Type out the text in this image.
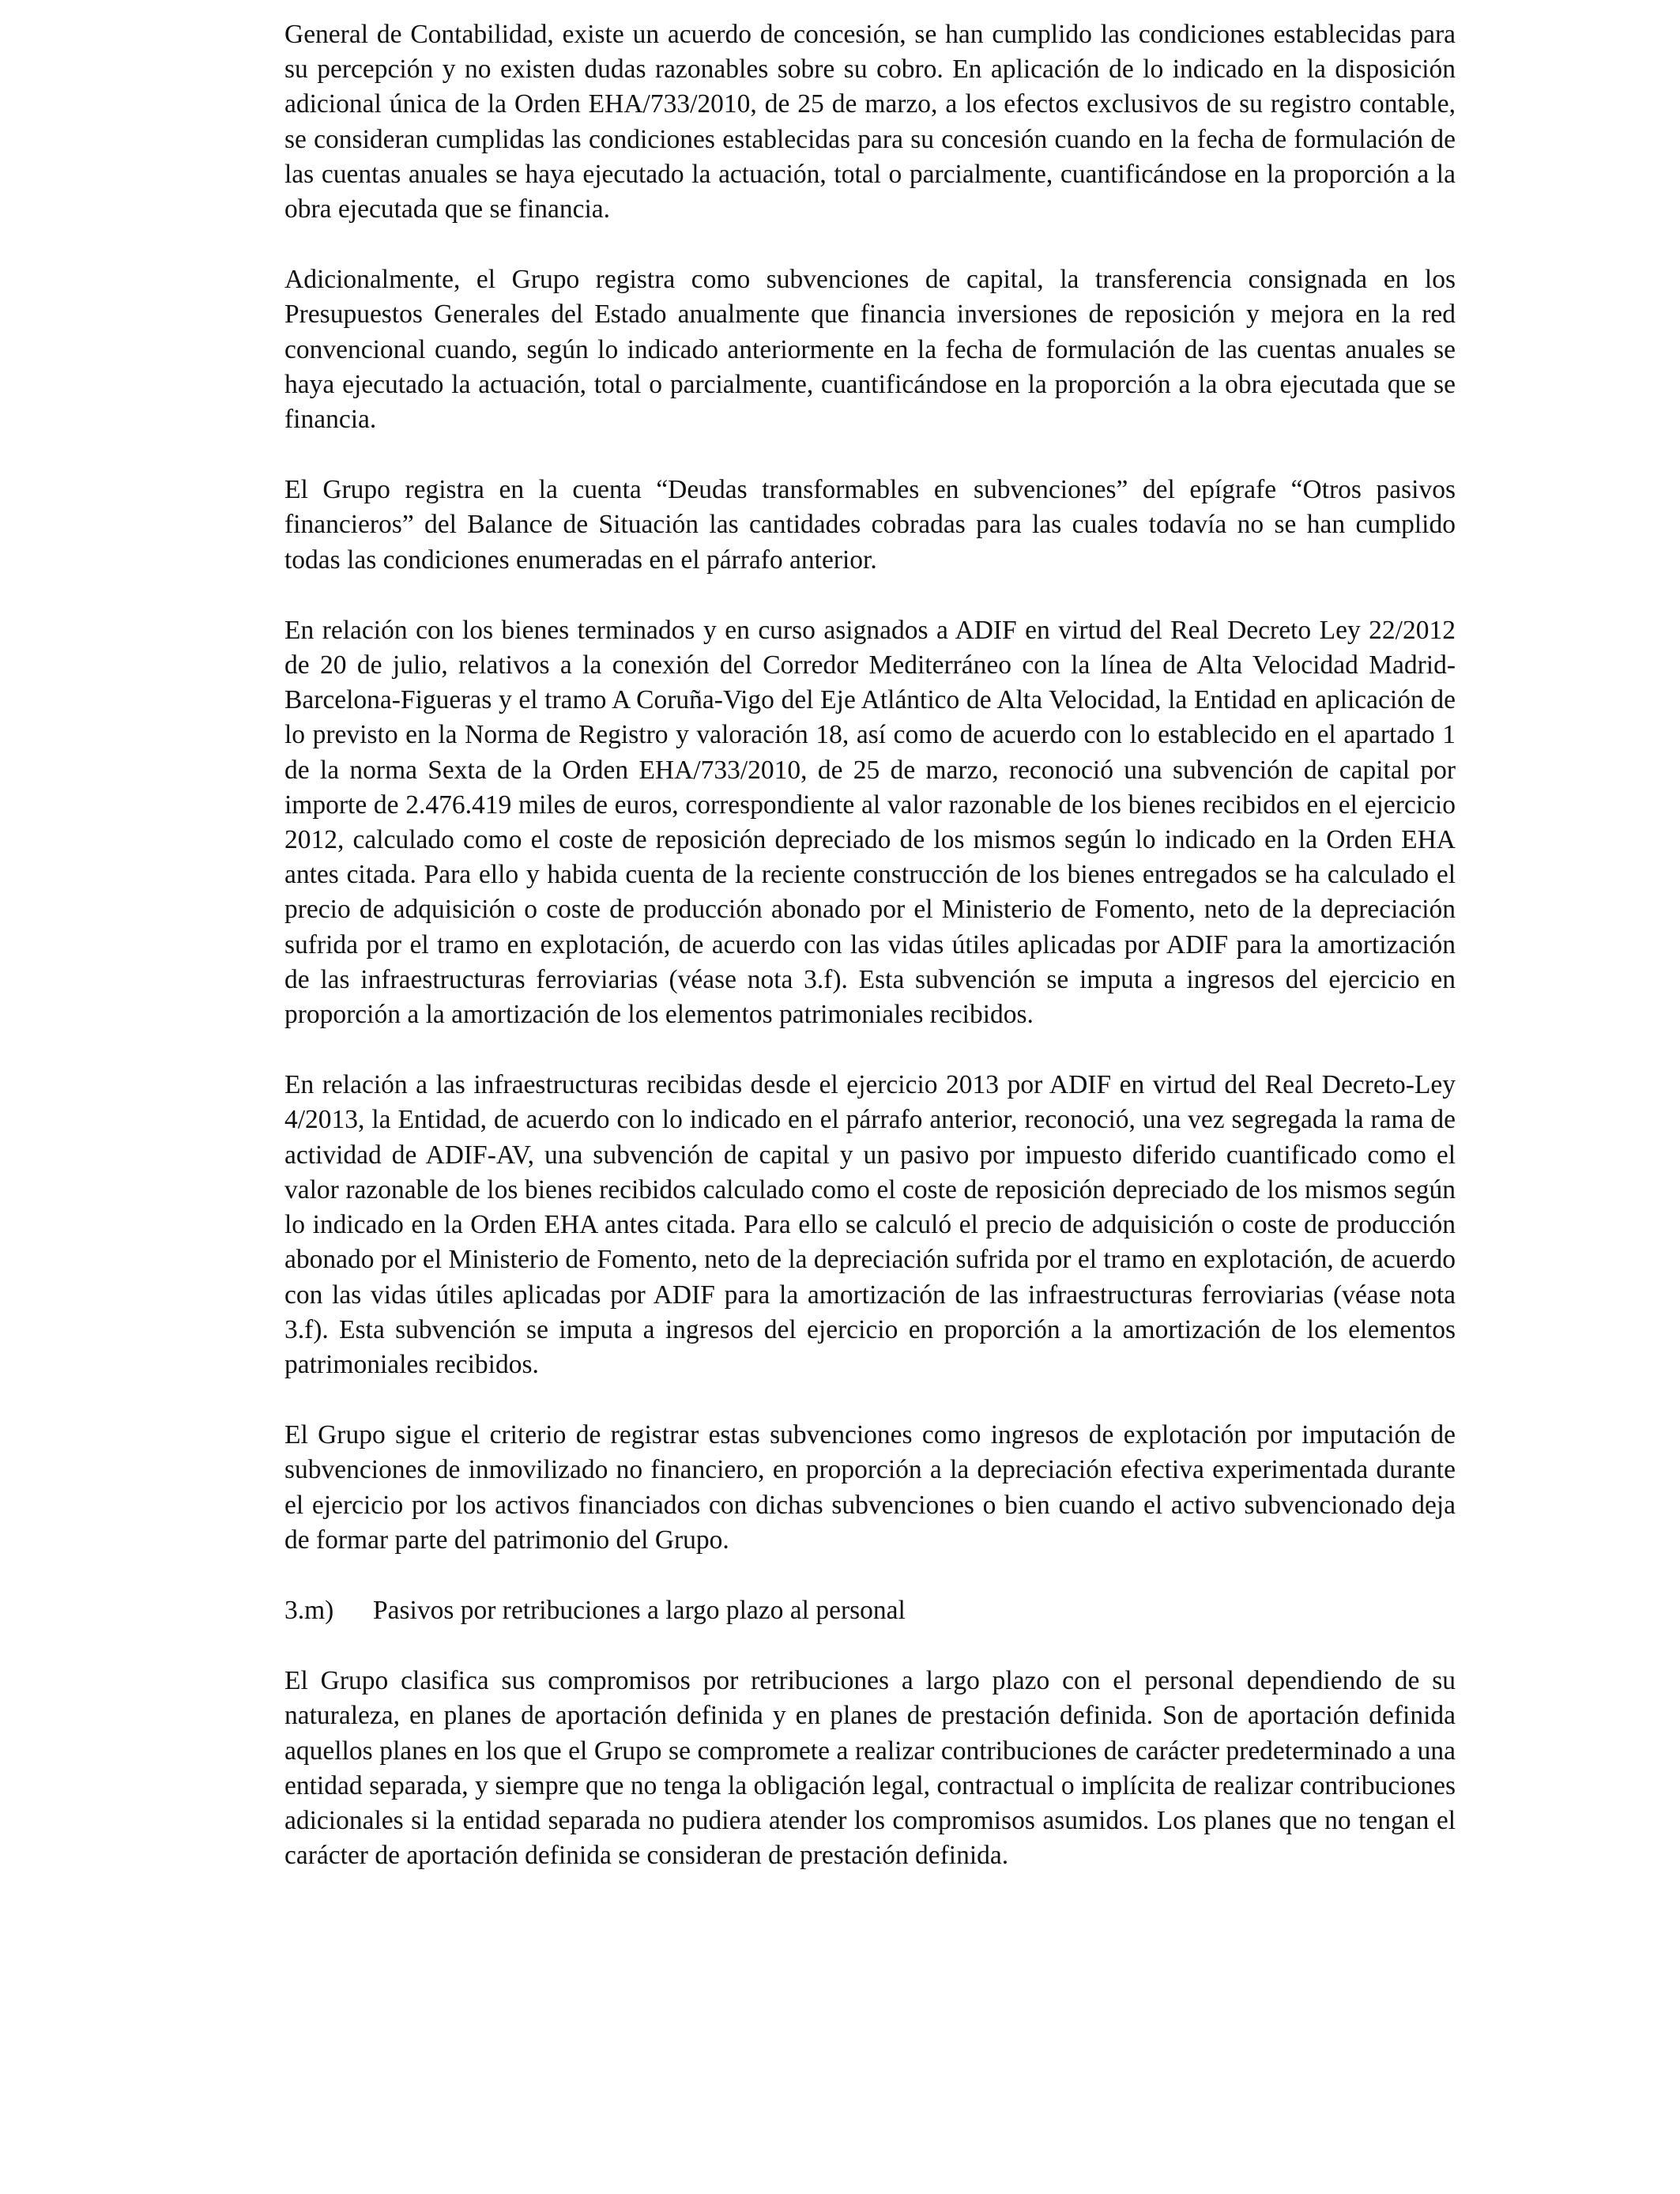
General de Contabilidad, existe un acuerdo de concesión, se han cumplido las condiciones establecidas para su percepción y no existen dudas razonables sobre su cobro. En aplicación de lo indicado en la disposición adicional única de la Orden EHA/733/2010, de 25 de marzo, a los efectos exclusivos de su registro contable, se consideran cumplidas las condiciones establecidas para su concesión cuando en la fecha de formulación de las cuentas anuales se haya ejecutado la actuación, total o parcialmente, cuantificándose en la proporción a la obra ejecutada que se financia.

Adicionalmente, el Grupo registra como subvenciones de capital, la transferencia consignada en los Presupuestos Generales del Estado anualmente que financia inversiones de reposición y mejora en la red convencional cuando, según lo indicado anteriormente en la fecha de formulación de las cuentas anuales se haya ejecutado la actuación, total o parcialmente, cuantificándose en la proporción a la obra ejecutada que se financia.

El Grupo registra en la cuenta “Deudas transformables en subvenciones” del epígrafe “Otros pasivos financieros” del Balance de Situación las cantidades cobradas para las cuales todavía no se han cumplido todas las condiciones enumeradas en el párrafo anterior.

En relación con los bienes terminados y en curso asignados a ADIF en virtud del Real Decreto Ley 22/2012 de 20 de julio, relativos a la conexión del Corredor Mediterráneo con la línea de Alta Velocidad Madrid-Barcelona-Figueras y el tramo A Coruña-Vigo del Eje Atlántico de Alta Velocidad, la Entidad en aplicación de lo previsto en la Norma de Registro y valoración 18, así como de acuerdo con lo establecido en el apartado 1 de la norma Sexta de la Orden EHA/733/2010, de 25 de marzo, reconoció una subvención de capital por importe de 2.476.419 miles de euros, correspondiente al valor razonable de los bienes recibidos en el ejercicio 2012, calculado como el coste de reposición depreciado de los mismos según lo indicado en la Orden EHA antes citada. Para ello y habida cuenta de la reciente construcción de los bienes entregados se ha calculado el precio de adquisición o coste de producción abonado por el Ministerio de Fomento, neto de la depreciación sufrida por el tramo en explotación, de acuerdo con las vidas útiles aplicadas por ADIF para la amortización de las infraestructuras ferroviarias (véase nota 3.f). Esta subvención se imputa a ingresos del ejercicio en proporción a la amortización de los elementos patrimoniales recibidos.

En relación a las infraestructuras recibidas desde el ejercicio 2013 por ADIF en virtud del Real Decreto-Ley 4/2013, la Entidad, de acuerdo con lo indicado en el párrafo anterior, reconoció, una vez segregada la rama de actividad de ADIF-AV, una subvención de capital y un pasivo por impuesto diferido cuantificado como el valor razonable de los bienes recibidos calculado como el coste de reposición depreciado de los mismos según lo indicado en la Orden EHA antes citada. Para ello se calculó el precio de adquisición o coste de producción abonado por el Ministerio de Fomento, neto de la depreciación sufrida por el tramo en explotación, de acuerdo con las vidas útiles aplicadas por ADIF para la amortización de las infraestructuras ferroviarias (véase nota 3.f). Esta subvención se imputa a ingresos del ejercicio en proporción a la amortización de los elementos patrimoniales recibidos.

El Grupo sigue el criterio de registrar estas subvenciones como ingresos de explotación por imputación de subvenciones de inmovilizado no financiero, en proporción a la depreciación efectiva experimentada durante el ejercicio por los activos financiados con dichas subvenciones o bien cuando el activo subvencionado deja de formar parte del patrimonio del Grupo.

3.m)	Pasivos por retribuciones a largo plazo al personal

El Grupo clasifica sus compromisos por retribuciones a largo plazo con el personal dependiendo de su naturaleza, en planes de aportación definida y en planes de prestación definida. Son de aportación definida aquellos planes en los que el Grupo se compromete a realizar contribuciones de carácter predeterminado a una entidad separada, y siempre que no tenga la obligación legal, contractual o implícita de realizar contribuciones adicionales si la entidad separada no pudiera atender los compromisos asumidos. Los planes que no tengan el carácter de aportación definida se consideran de prestación definida.
